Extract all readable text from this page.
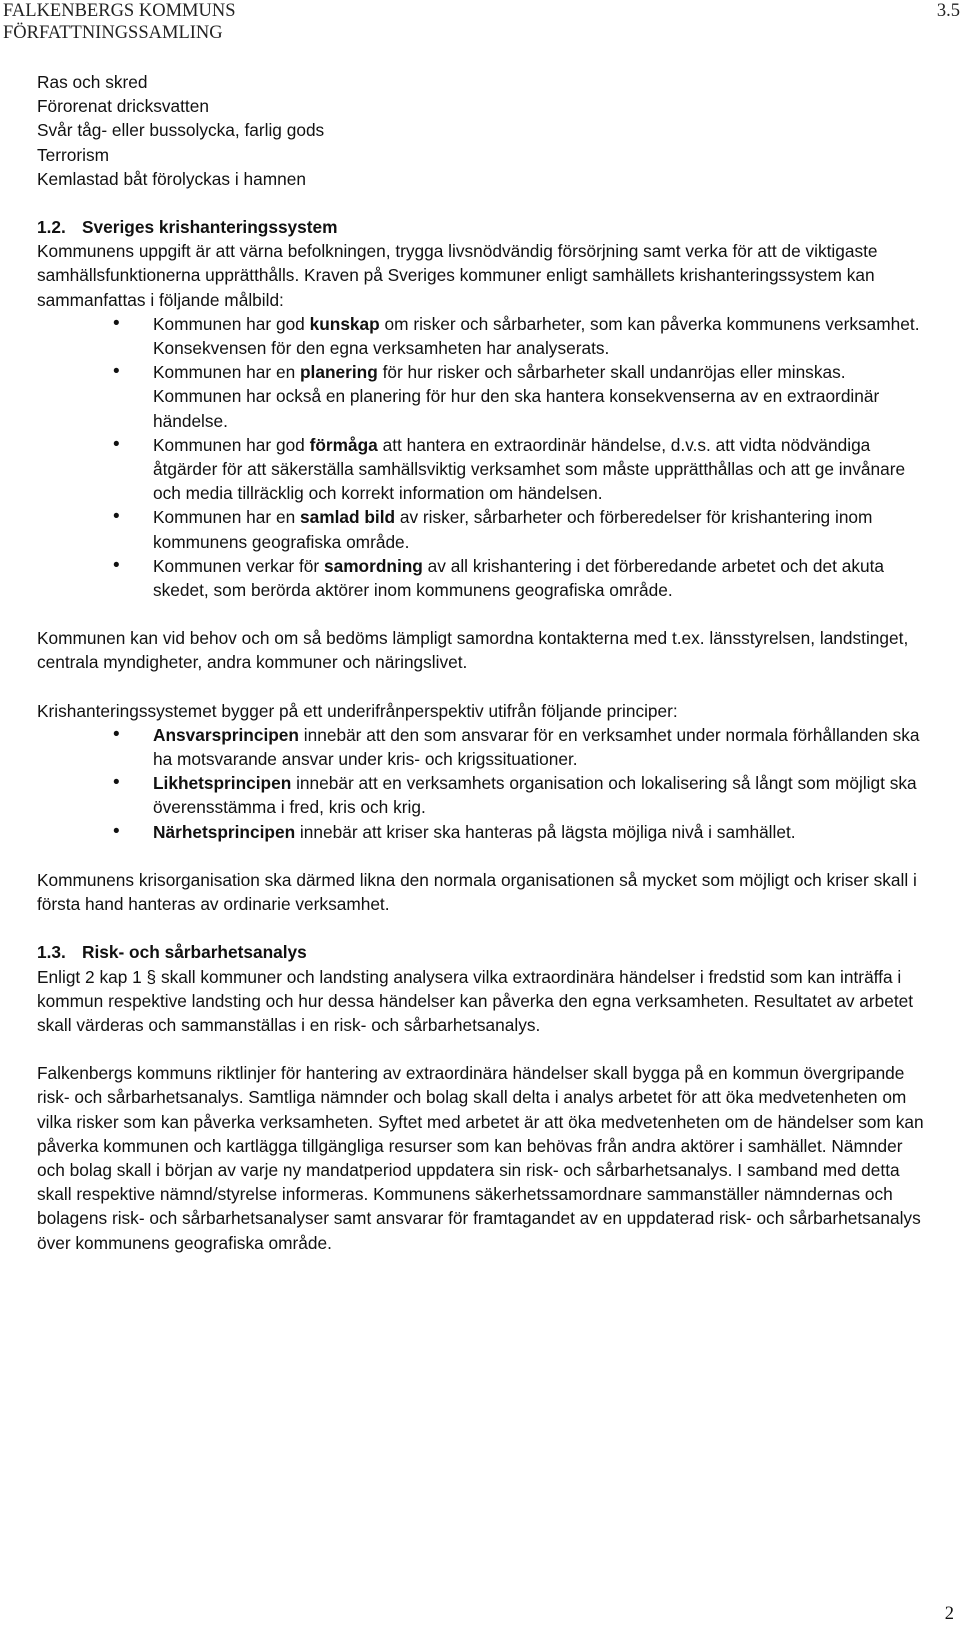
FALKENBERGS KOMMUNS
FÖRFATTNINGSSAMLING
3.5

Ras och skred

Förorenat dricksvatten

Svår tåg- eller bussolycka, farlig gods

Terrorism

Kemlastad båt förolyckas i hamnen

1.2. Sveriges krishanteringssystem

Kommunens uppgift är att värna befolkningen, trygga livsnödvändig försörjning samt verka för att de viktigaste samhällsfunktionerna upprätthålls. Kraven på Sveriges kommuner enligt samhällets krishanteringssystem kan sammanfattas i följande målbild:

• Kommunen har god kunskap om risker och sårbarheter, som kan påverka kommunens verksamhet. Konsekvensen för den egna verksamheten har analyserats.
• Kommunen har en planering för hur risker och sårbarheter skall undanröjas eller minskas. Kommunen har också en planering för hur den ska hantera konsekvenserna av en extraordinär händelse.
• Kommunen har god förmåga att hantera en extraordinär händelse, d.v.s. att vidta nödvändiga åtgärder för att säkerställa samhällsviktig verksamhet som måste upprätthållas och att ge invånare och media tillräcklig och korrekt information om händelsen.
• Kommunen har en samlad bild av risker, sårbarheter och förberedelser för krishantering inom kommunens geografiska område.
• Kommunen verkar för samordning av all krishantering i det förberedande arbetet och det akuta skedet, som berörda aktörer inom kommunens geografiska område.

Kommunen kan vid behov och om så bedöms lämpligt samordna kontakterna med t.ex. länsstyrelsen, landstinget, centrala myndigheter, andra kommuner och näringslivet.

Krishanteringssystemet bygger på ett underifrånperspektiv utifrån följande principer:

• Ansvarsprincipen innebär att den som ansvarar för en verksamhet under normala förhållanden ska ha motsvarande ansvar under kris- och krigssituationer.
• Likhetsprincipen innebär att en verksamhets organisation och lokalisering så långt som möjligt ska överensstämma i fred, kris och krig.
• Närhetsprincipen innebär att kriser ska hanteras på lägsta möjliga nivå i samhället.

Kommunens krisorganisation ska därmed likna den normala organisationen så mycket som möjligt och kriser skall i första hand hanteras av ordinarie verksamhet.

1.3. Risk- och sårbarhetsanalys

Enligt 2 kap 1 § skall kommuner och landsting analysera vilka extraordinära händelser i fredstid som kan inträffa i kommun respektive landsting och hur dessa händelser kan påverka den egna verksamheten. Resultatet av arbetet skall värderas och sammanställas i en risk- och sårbarhetsanalys.

Falkenbergs kommuns riktlinjer för hantering av extraordinära händelser skall bygga på en kommun övergripande risk- och sårbarhetsanalys. Samtliga nämnder och bolag skall delta i analys arbetet för att öka medvetenheten om vilka risker som kan påverka verksamheten. Syftet med arbetet är att öka medvetenheten om de händelser som kan påverka kommunen och kartlägga tillgängliga resurser som kan behövas från andra aktörer i samhället. Nämnder och bolag skall i början av varje ny mandatperiod uppdatera sin risk- och sårbarhetsanalys. I samband med detta skall respektive nämnd/styrelse informeras. Kommunens säkerhetssamordnare sammanställer nämndernas och bolagens risk- och sårbarhetsanalyser samt ansvarar för framtagandet av en uppdaterad risk- och sårbarhetsanalys över kommunens geografiska område.

2
